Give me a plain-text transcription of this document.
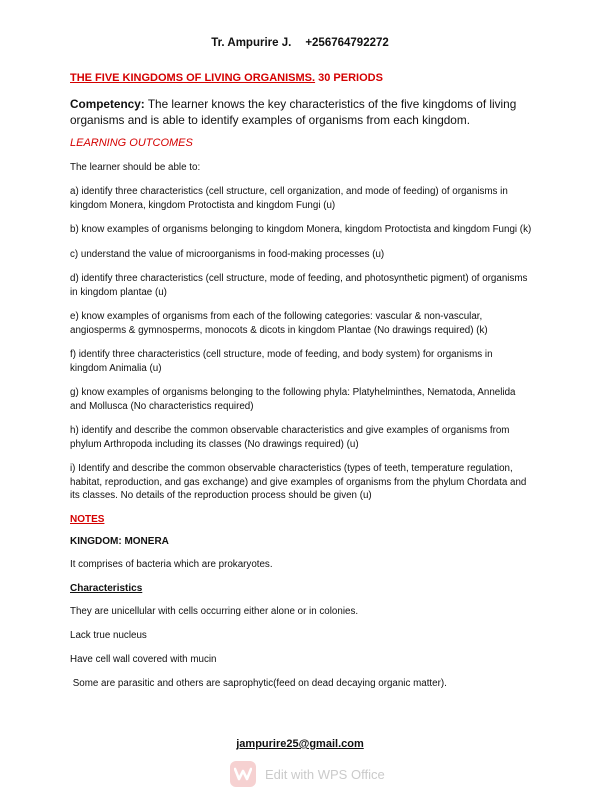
Tr. Ampurire J. +256764792272

THE FIVE KINGDOMS OF LIVING ORGANISMS. 30 PERIODS

Competency: The learner knows the key characteristics of the five kingdoms of living organisms and is able to identify examples of organisms from each kingdom.

LEARNING OUTCOMES

The learner should be able to:

a) identify three characteristics (cell structure, cell organization, and mode of feeding) of organisms in kingdom Monera, kingdom Protoctista and kingdom Fungi (u)

b) know examples of organisms belonging to kingdom Monera, kingdom Protoctista and kingdom Fungi (k)

c) understand the value of microorganisms in food-making processes (u)

d) identify three characteristics (cell structure, mode of feeding, and photosynthetic pigment) of organisms in kingdom plantae (u)

e) know examples of organisms from each of the following categories: vascular & non-vascular, angiosperms & gymnosperms, monocots & dicots in kingdom Plantae (No drawings required) (k)

f) identify three characteristics (cell structure, mode of feeding, and body system) for organisms in kingdom Animalia (u)

g) know examples of organisms belonging to the following phyla: Platyhelminthes, Nematoda, Annelida and Mollusca (No characteristics required)

h) identify and describe the common observable characteristics and give examples of organisms from phylum Arthropoda including its classes (No drawings required) (u)

i) Identify and describe the common observable characteristics (types of teeth, temperature regulation, habitat, reproduction, and gas exchange) and give examples of organisms from the phylum Chordata and its classes. No details of the reproduction process should be given (u)

NOTES

KINGDOM: MONERA

It comprises of bacteria which are prokaryotes.

Characteristics

They are unicellular with cells occurring either alone or in colonies.

Lack true nucleus

Have cell wall covered with mucin

Some are parasitic and others are saprophytic(feed on dead decaying organic matter).

jampurire25@gmail.com
Edit with WPS Office
